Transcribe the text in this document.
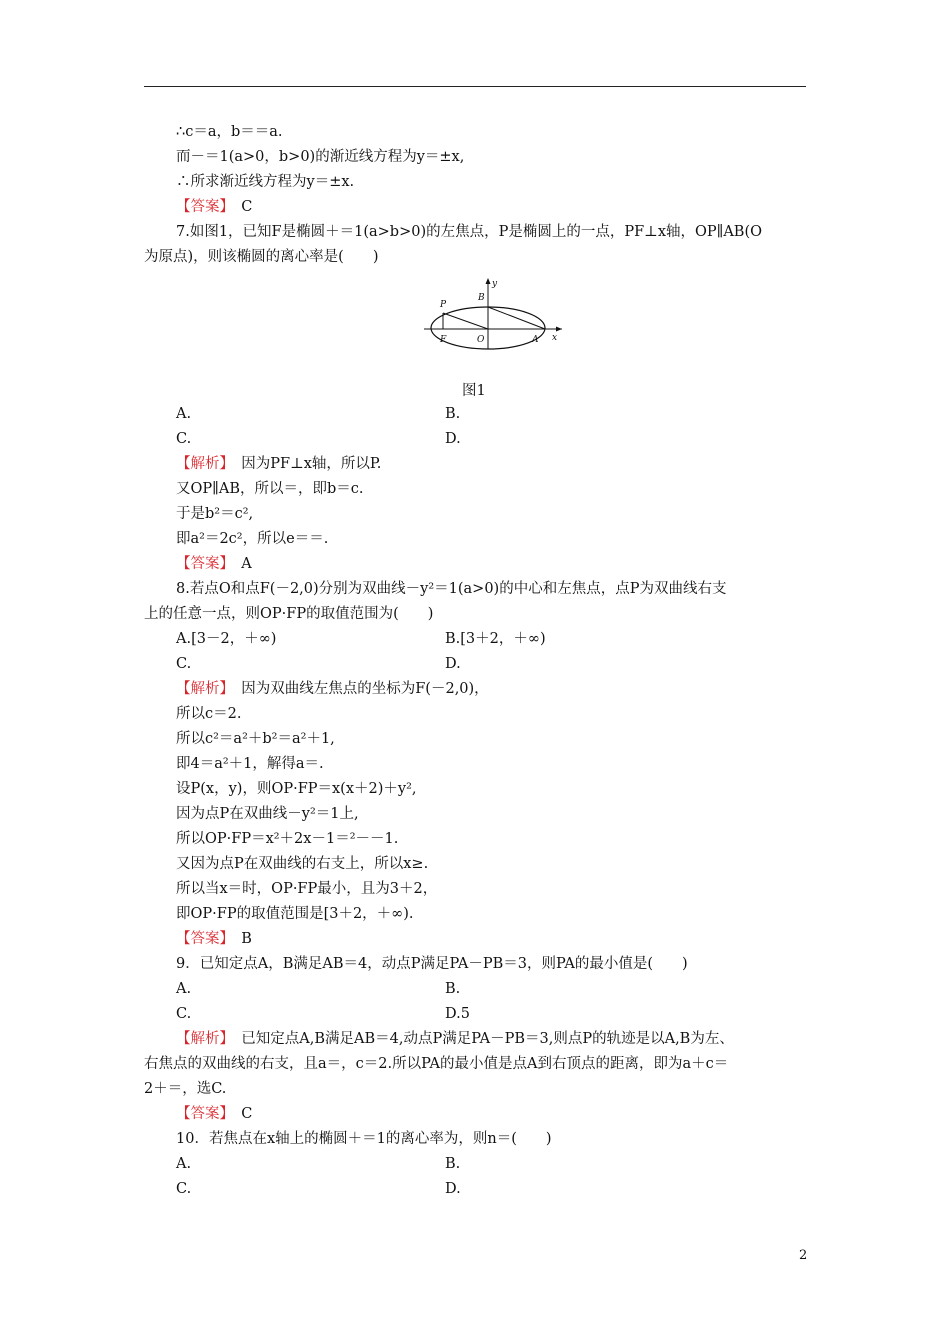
∴c＝a，b＝＝a.
而－＝1(a>0，b>0)的渐近线方程为y＝±x,
∴所求渐近线方程为y＝±x.
【答案】　 C
7.如图1，已知F是椭圆＋＝1(a>b>0)的左焦点，P是椭圆上的一点，PF⊥x轴，OP∥AB(O
为原点)，则该椭圆的离心率是(　　)
P
B
y
F	O	A x
图1
A.	B.
C.	D.
【解析】　 因为PF⊥x轴，所以P.
又OP∥AB，所以＝，即b＝c.
于是b²＝c²,
即a²＝2c²，所以e＝＝.
【答案】　 A
8.若点O和点F(－2,0)分别为双曲线－y²＝1(a>0)的中心和左焦点，点P为双曲线右支
上的任意一点，则OP·FP的取值范围为(　　)
A.[3－2，＋∞)	B.[3＋2，＋∞)
C.	D.
【解析】　 因为双曲线左焦点的坐标为F(－2,0)，
所以c＝2.
所以c²＝a²＋b²＝a²＋1,
即4＝a²＋1，解得a＝.
设P(x，y)，则OP·FP＝x(x＋2)＋y²,
因为点P在双曲线－y²＝1上,
所以OP·FP＝x²＋2x－1＝²－－1.
又因为点P在双曲线的右支上，所以x≥.
所以当x＝时，OP·FP最小，且为3＋2，
即OP·FP的取值范围是[3＋2，＋∞).
【答案】　 B
9．已知定点A，B满足AB＝4，动点P满足PA－PB＝3，则PA的最小值是(　　)
A.	B.
C.	D.5
【解析】　 已知定点A,B满足AB＝4,动点P满足PA－PB＝3,则点P的轨迹是以A,B为左、
右焦点的双曲线的右支，且a＝，c＝2.所以PA的最小值是点A到右顶点的距离，即为a＋c＝
2＋＝，选C.
【答案】　 C
10．若焦点在x轴上的椭圆＋＝1的离心率为，则n＝(　　)
A.	B.
C.	D.
2
